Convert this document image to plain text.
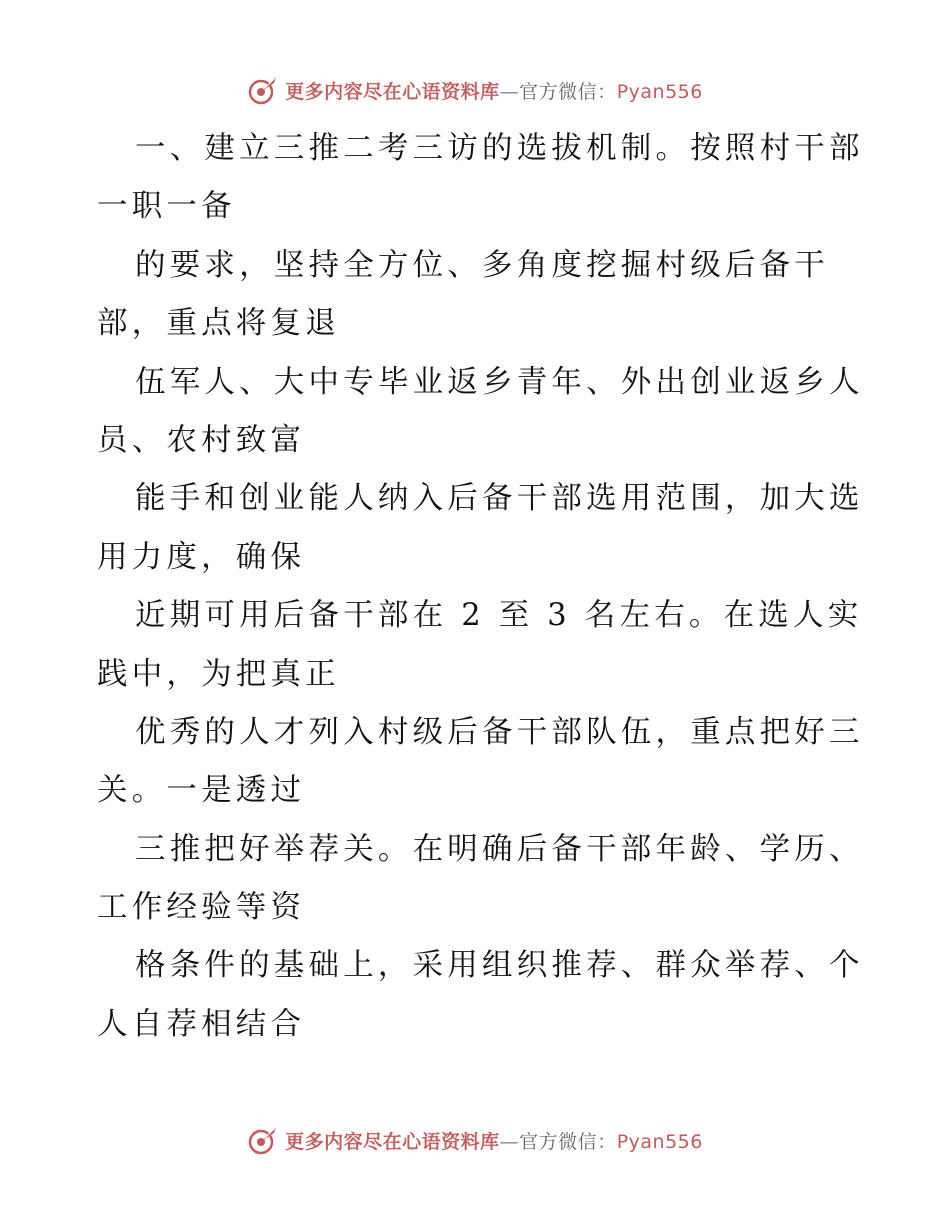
更多内容尽在心语资料库—官方微信：Pyan556
一、建立三推二考三访的选拔机制。按照村干部
一职一备
的要求，坚持全方位、多角度挖掘村级后备干
部，重点将复退
伍军人、大中专毕业返乡青年、外出创业返乡人
员、农村致富
能手和创业能人纳入后备干部选用范围，加大选
用力度，确保
近期可用后备干部在 2 至 3 名左右。在选人实
践中，为把真正
优秀的人才列入村级后备干部队伍，重点把好三
关。一是透过
三推把好举荐关。在明确后备干部年龄、学历、
工作经验等资
格条件的基础上，采用组织推荐、群众举荐、个
人自荐相结合
更多内容尽在心语资料库—官方微信：Pyan556
